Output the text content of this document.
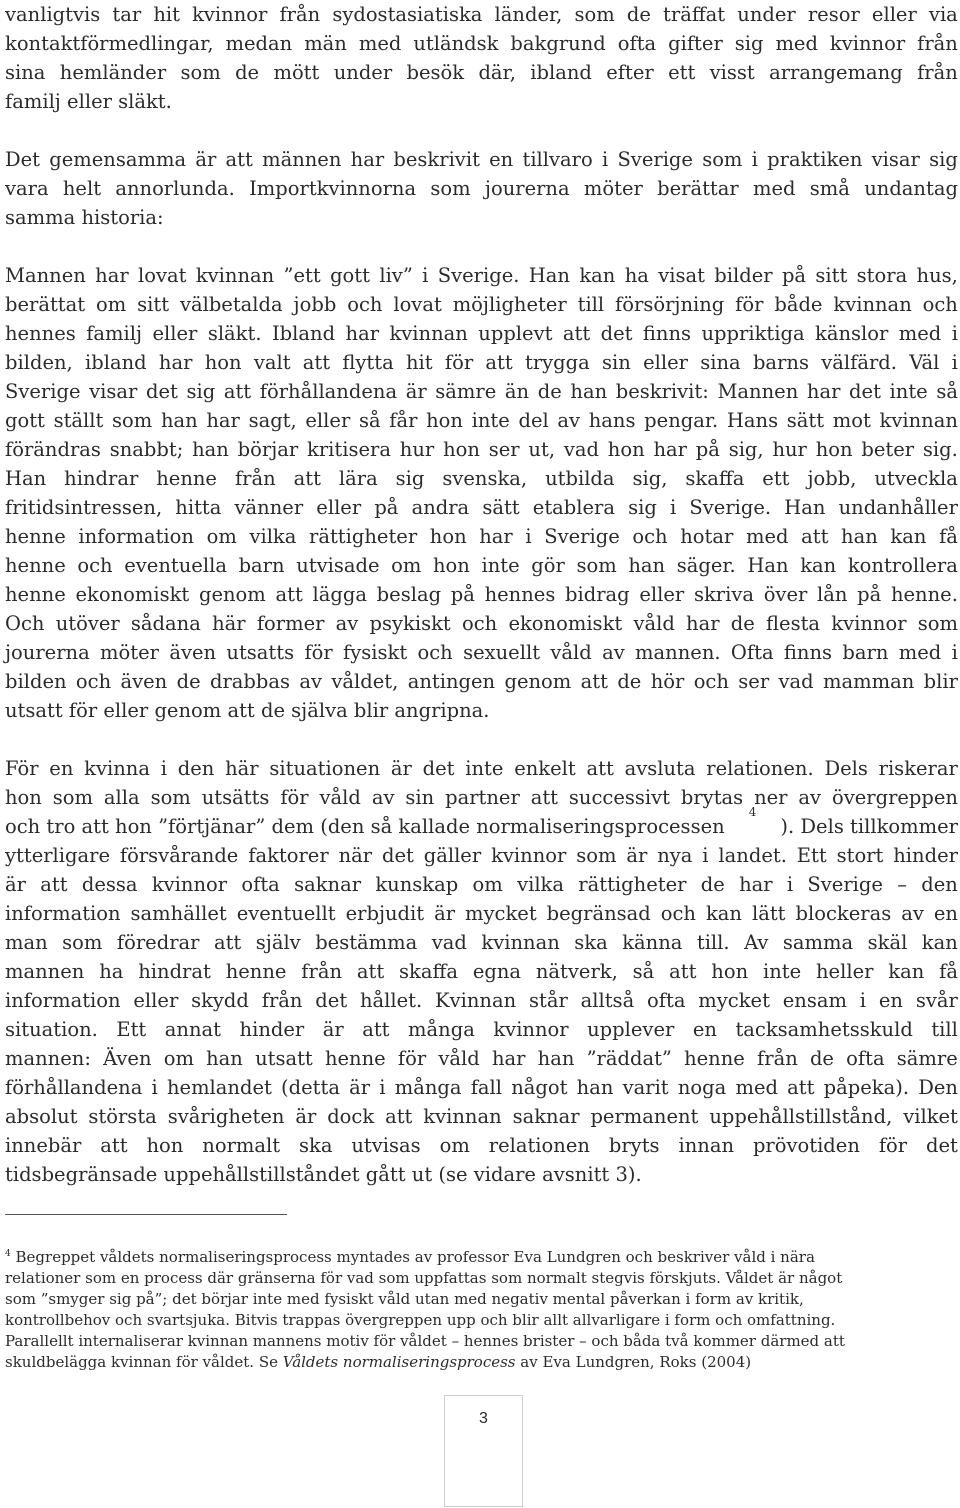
vanligtvis tar hit kvinnor från sydostasiatiska länder, som de träffat under resor eller via
kontaktförmedlingar, medan män med utländsk bakgrund ofta gifter sig med kvinnor från
sina hemländer som de mött under besök där, ibland efter ett visst arrangemang från
familj eller släkt.
Det gemensamma är att männen har beskrivit en tillvaro i Sverige som i praktiken visar sig
vara helt annorlunda. Importkvinnorna som jourerna möter berättar med små undantag
samma historia:
Mannen har lovat kvinnan ”ett gott liv” i Sverige. Han kan ha visat bilder på sitt stora hus,
berättat om sitt välbetalda jobb och lovat möjligheter till försörjning för både kvinnan och
hennes familj eller släkt. Ibland har kvinnan upplevt att det finns uppriktiga känslor med i
bilden, ibland har hon valt att flytta hit för att trygga sin eller sina barns välfärd. Väl i
Sverige visar det sig att förhållandena är sämre än de han beskrivit: Mannen har det inte så
gott ställt som han har sagt, eller så får hon inte del av hans pengar. Hans sätt mot kvinnan
förändras snabbt; han börjar kritisera hur hon ser ut, vad hon har på sig, hur hon beter sig.
Han hindrar henne från att lära sig svenska, utbilda sig, skaffa ett jobb, utveckla
fritidsintressen, hitta vänner eller på andra sätt etablera sig i Sverige. Han undanhåller
henne information om vilka rättigheter hon har i Sverige och hotar med att han kan få
henne och eventuella barn utvisade om hon inte gör som han säger. Han kan kontrollera
henne ekonomiskt genom att lägga beslag på hennes bidrag eller skriva över lån på henne.
Och utöver sådana här former av psykiskt och ekonomiskt våld har de flesta kvinnor som
jourerna möter även utsatts för fysiskt och sexuellt våld av mannen. Ofta finns barn med i
bilden och även de drabbas av våldet, antingen genom att de hör och ser vad mamman blir
utsatt för eller genom att de själva blir angripna.
För en kvinna i den här situationen är det inte enkelt att avsluta relationen. Dels riskerar
hon som alla som utsätts för våld av sin partner att successivt brytas ner av övergreppen
och tro att hon ”förtjänar” dem (den så kallade normaliseringsprocessen
4
). Dels tillkommer
ytterligare försvårande faktorer när det gäller kvinnor som är nya i landet. Ett stort hinder
är att dessa kvinnor ofta saknar kunskap om vilka rättigheter de har i Sverige – den
information samhället eventuellt erbjudit är mycket begränsad och kan lätt blockeras av en
man som föredrar att själv bestämma vad kvinnan ska känna till. Av samma skäl kan
mannen ha hindrat henne från att skaffa egna nätverk, så att hon inte heller kan få
information eller skydd från det hållet. Kvinnan står alltså ofta mycket ensam i en svår
situation. Ett annat hinder är att många kvinnor upplever en tacksamhetsskuld till
mannen: Även om han utsatt henne för våld har han ”räddat” henne från de ofta sämre
förhållandena i hemlandet (detta är i många fall något han varit noga med att påpeka). Den
absolut största svårigheten är dock att kvinnan saknar permanent uppehållstillstånd, vilket
innebär att hon normalt ska utvisas om relationen bryts innan prövotiden för det
tidsbegränsade uppehållstillståndet gått ut (se vidare avsnitt 3).
$^4$ Begreppet våldets normaliseringsprocess myntades av professor Eva Lundgren och beskriver våld i nära
relationer som en process där gränserna för vad som uppfattas som normalt stegvis förskjuts. Våldet är något
som ”smyger sig på”; det börjar inte med fysiskt våld utan med negativ mental påverkan i form av kritik,
kontrollbehov och svartsjuka. Bitvis trappas övergreppen upp och blir allt allvarligare i form och omfattning.
Parallellt internaliserar kvinnan mannens motiv för våldet – hennes brister – och båda två kommer därmed att
skuldbelägga kvinnan för våldet. Se Våldets normaliseringsprocess av Eva Lundgren, Roks (2004)
3
